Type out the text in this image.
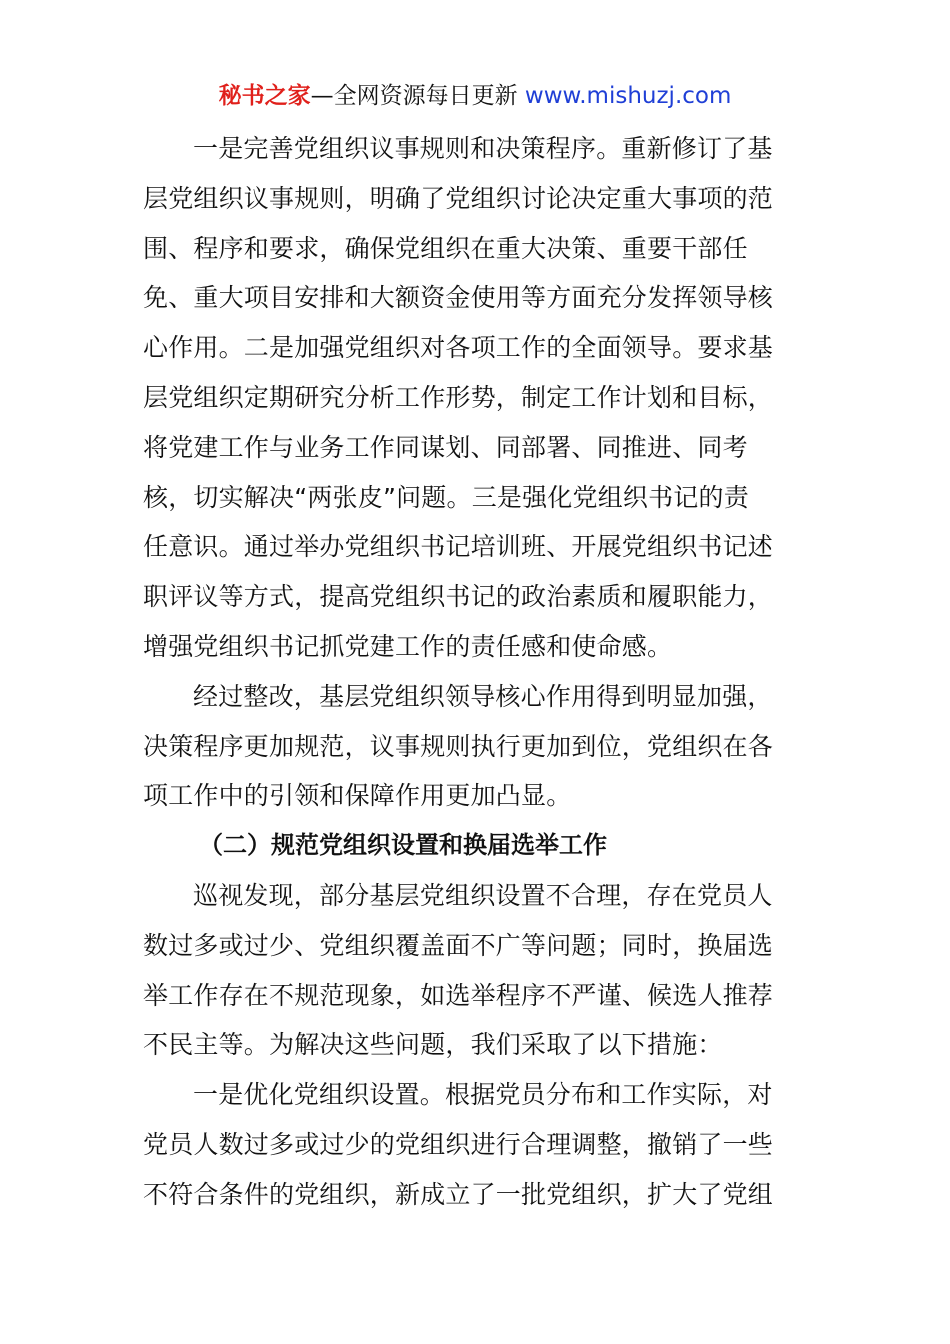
秘书之家—全网资源每日更新 www.mishuzj.com

一是完善党组织议事规则和决策程序。重新修订了基
层党组织议事规则，明确了党组织讨论决定重大事项的范
围、程序和要求，确保党组织在重大决策、重要干部任
免、重大项目安排和大额资金使用等方面充分发挥领导核
心作用。二是加强党组织对各项工作的全面领导。要求基
层党组织定期研究分析工作形势，制定工作计划和目标，
将党建工作与业务工作同谋划、同部署、同推进、同考
核，切实解决“两张皮”问题。三是强化党组织书记的责
任意识。通过举办党组织书记培训班、开展党组织书记述
职评议等方式，提高党组织书记的政治素质和履职能力，
增强党组织书记抓党建工作的责任感和使命感。

经过整改，基层党组织领导核心作用得到明显加强，
决策程序更加规范，议事规则执行更加到位，党组织在各
项工作中的引领和保障作用更加凸显。

（二）规范党组织设置和换届选举工作

巡视发现，部分基层党组织设置不合理，存在党员人
数过多或过少、党组织覆盖面不广等问题；同时，换届选
举工作存在不规范现象，如选举程序不严谨、候选人推荐
不民主等。为解决这些问题，我们采取了以下措施：

一是优化党组织设置。根据党员分布和工作实际，对
党员人数过多或过少的党组织进行合理调整，撤销了一些
不符合条件的党组织，新成立了一批党组织，扩大了党组
